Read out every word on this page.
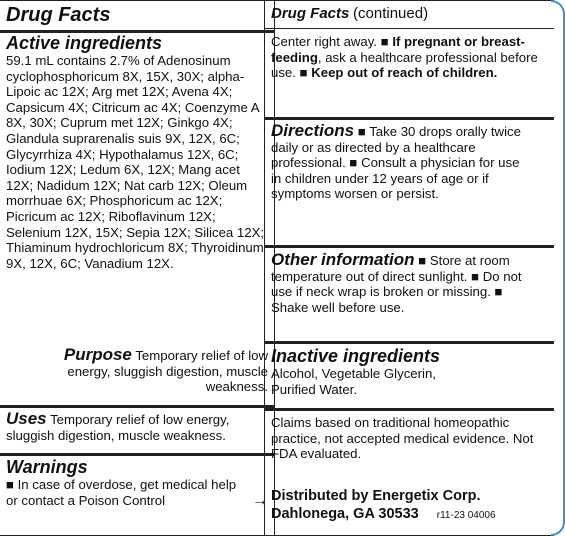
Drug Facts
Active ingredients
59.1 mL contains 2.7% of Adenosinum cyclophosphoricum 8X, 15X, 30X; alpha-Lipoic ac 12X; Arg met 12X; Avena 4X; Capsicum 4X; Citricum ac 4X; Coenzyme A 8X, 30X; Cuprum met 12X; Ginkgo 4X; Glandula suprarenalis suis 9X, 12X, 6C; Glycyrrhiza 4X; Hypothalamus 12X, 6C; Iodium 12X; Ledum 6X, 12X; Mang acet 12X; Nadidum 12X; Nat carb 12X; Oleum morrhuae 6X; Phosphoricum ac 12X; Picricum ac 12X; Riboflavinum 12X; Selenium 12X, 15X; Sepia 12X; Silicea 12X; Thiaminum hydrochloricum 8X; Thyroidinum 9X, 12X, 6C; Vanadium 12X.
Purpose Temporary relief of low energy, sluggish digestion, muscle weakness.
Uses Temporary relief of low energy, sluggish digestion, muscle weakness.
Warnings
■ In case of overdose, get medical help or contact a Poison Control	→
Drug Facts (continued)
Center right away. ■ If pregnant or breast-feeding, ask a healthcare professional before use. ■ Keep out of reach of children.
Directions ■ Take 30 drops orally twice daily or as directed by a healthcare professional. ■ Consult a physician for use in children under 12 years of age or if symptoms worsen or persist.
Other information ■ Store at room temperature out of direct sunlight. ■ Do not use if neck wrap is broken or missing. ■ Shake well before use.
Inactive ingredients
Alcohol, Vegetable Glycerin, Purified Water.
Claims based on traditional homeopathic practice, not accepted medical evidence. Not FDA evaluated.
Distributed by Energetix Corp.
Dahlonega, GA 30533 r11-23 04006
